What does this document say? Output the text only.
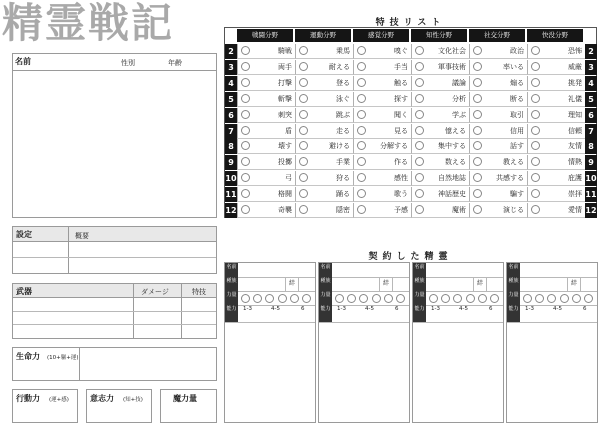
精霊戦記
名前	性別	年齢
設定	概要
武器	ダメージ	特技
生命力 (10+軀+運)
行動力 (運+感)	意志力 (知+技)	魔力量
特技リスト
戦闘分野	運動分野	感覚分野	知性分野	社交分野	快没分野
2	騎戦	乗馬	嗅ぐ	文化社会	政治	恐怖 2
3	両手	耐える	手当	軍事技術	率いる	威厳 3
4	打撃	登る	触る	議論	煽る	挑発 4
5	斬撃	泳ぐ	探す	分析	断る	礼儀 5
6	刺突	跳ぶ	聞く	学ぶ	取引	理知 6
7	盾	走る	見る	憶える	信用	信頼 7
8	壊す	避ける	分解する	集中する	話す	友情 8
9	投擲	手業	作る	数える	教える	情熱 9
10	弓	狩る	感性	自然地誌	共感する	庇護 10
11	格闘	踊る	歌う	神話歴史	騙す	崇拝 11
12	奇襲	隠密	予感	魔術	演じる	愛情 12
契約した精霊
名前
種族	絆
力量
能力 1-3	4-5	6
名前
種族	絆
力量
能力 1-3	4-5	6
名前
種族	絆
力量
能力 1-3	4-5	6
名前
種族	絆
力量
能力 1-3	4-5	6
